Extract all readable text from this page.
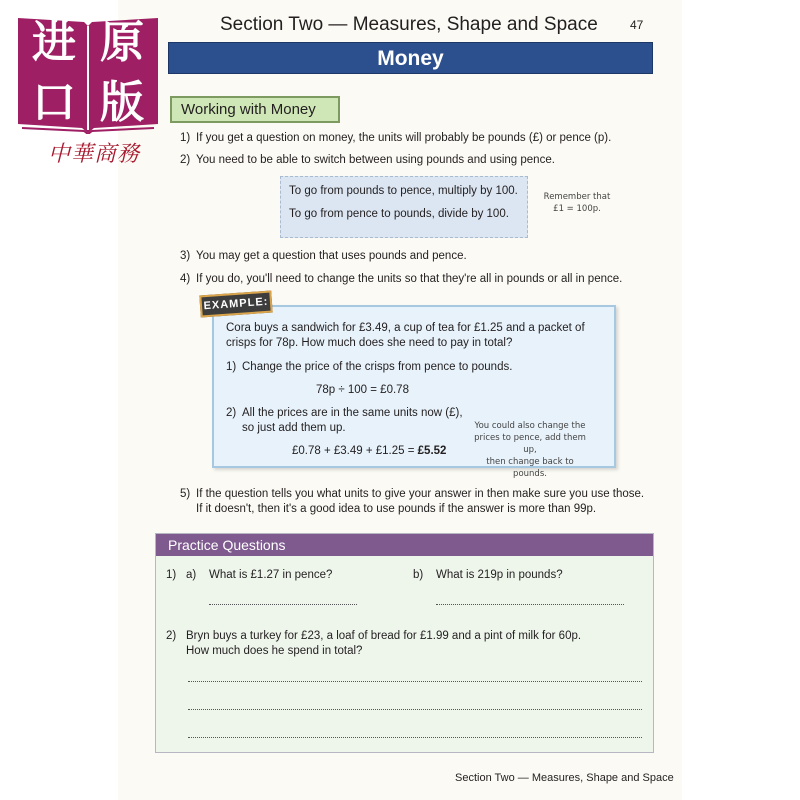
进 原
口 版
中華商務
Section Two — Measures, Shape and Space	47
Money
Working with Money
1) If you get a question on money, the units will probably be pounds (£) or pence (p).
2) You need to be able to switch between using pounds and using pence.
To go from pounds to pence, multiply by 100.
To go from pence to pounds, divide by 100.
Remember that
£1 = 100p.
3) You may get a question that uses pounds and pence.
4) If you do, you'll need to change the units so that they're all in pounds or all in pence.
Cora buys a sandwich for £3.49, a cup of tea for £1.25 and a packet of
crisps for 78p. How much does she need to pay in total?
1) Change the price of the crisps from pence to pounds.
78p ÷ 100 = £0.78
2) All the prices are in the same units now (£),
so just add them up.
£0.78 + £3.49 + £1.25 = £5.52
EXAMPLE:
You could also change the
prices to pence, add them up,
then change back to pounds.
5) If the question tells you what units to give your answer in then make sure you use those.
If it doesn't, then it's a good idea to use pounds if the answer is more than 99p.
Practice Questions
1) a) What is £1.27 in pence?	b) What is 219p in pounds?
2) Bryn buys a turkey for £23, a loaf of bread for £1.99 and a pint of milk for 60p.
How much does he spend in total?
Section Two — Measures, Shape and Space
